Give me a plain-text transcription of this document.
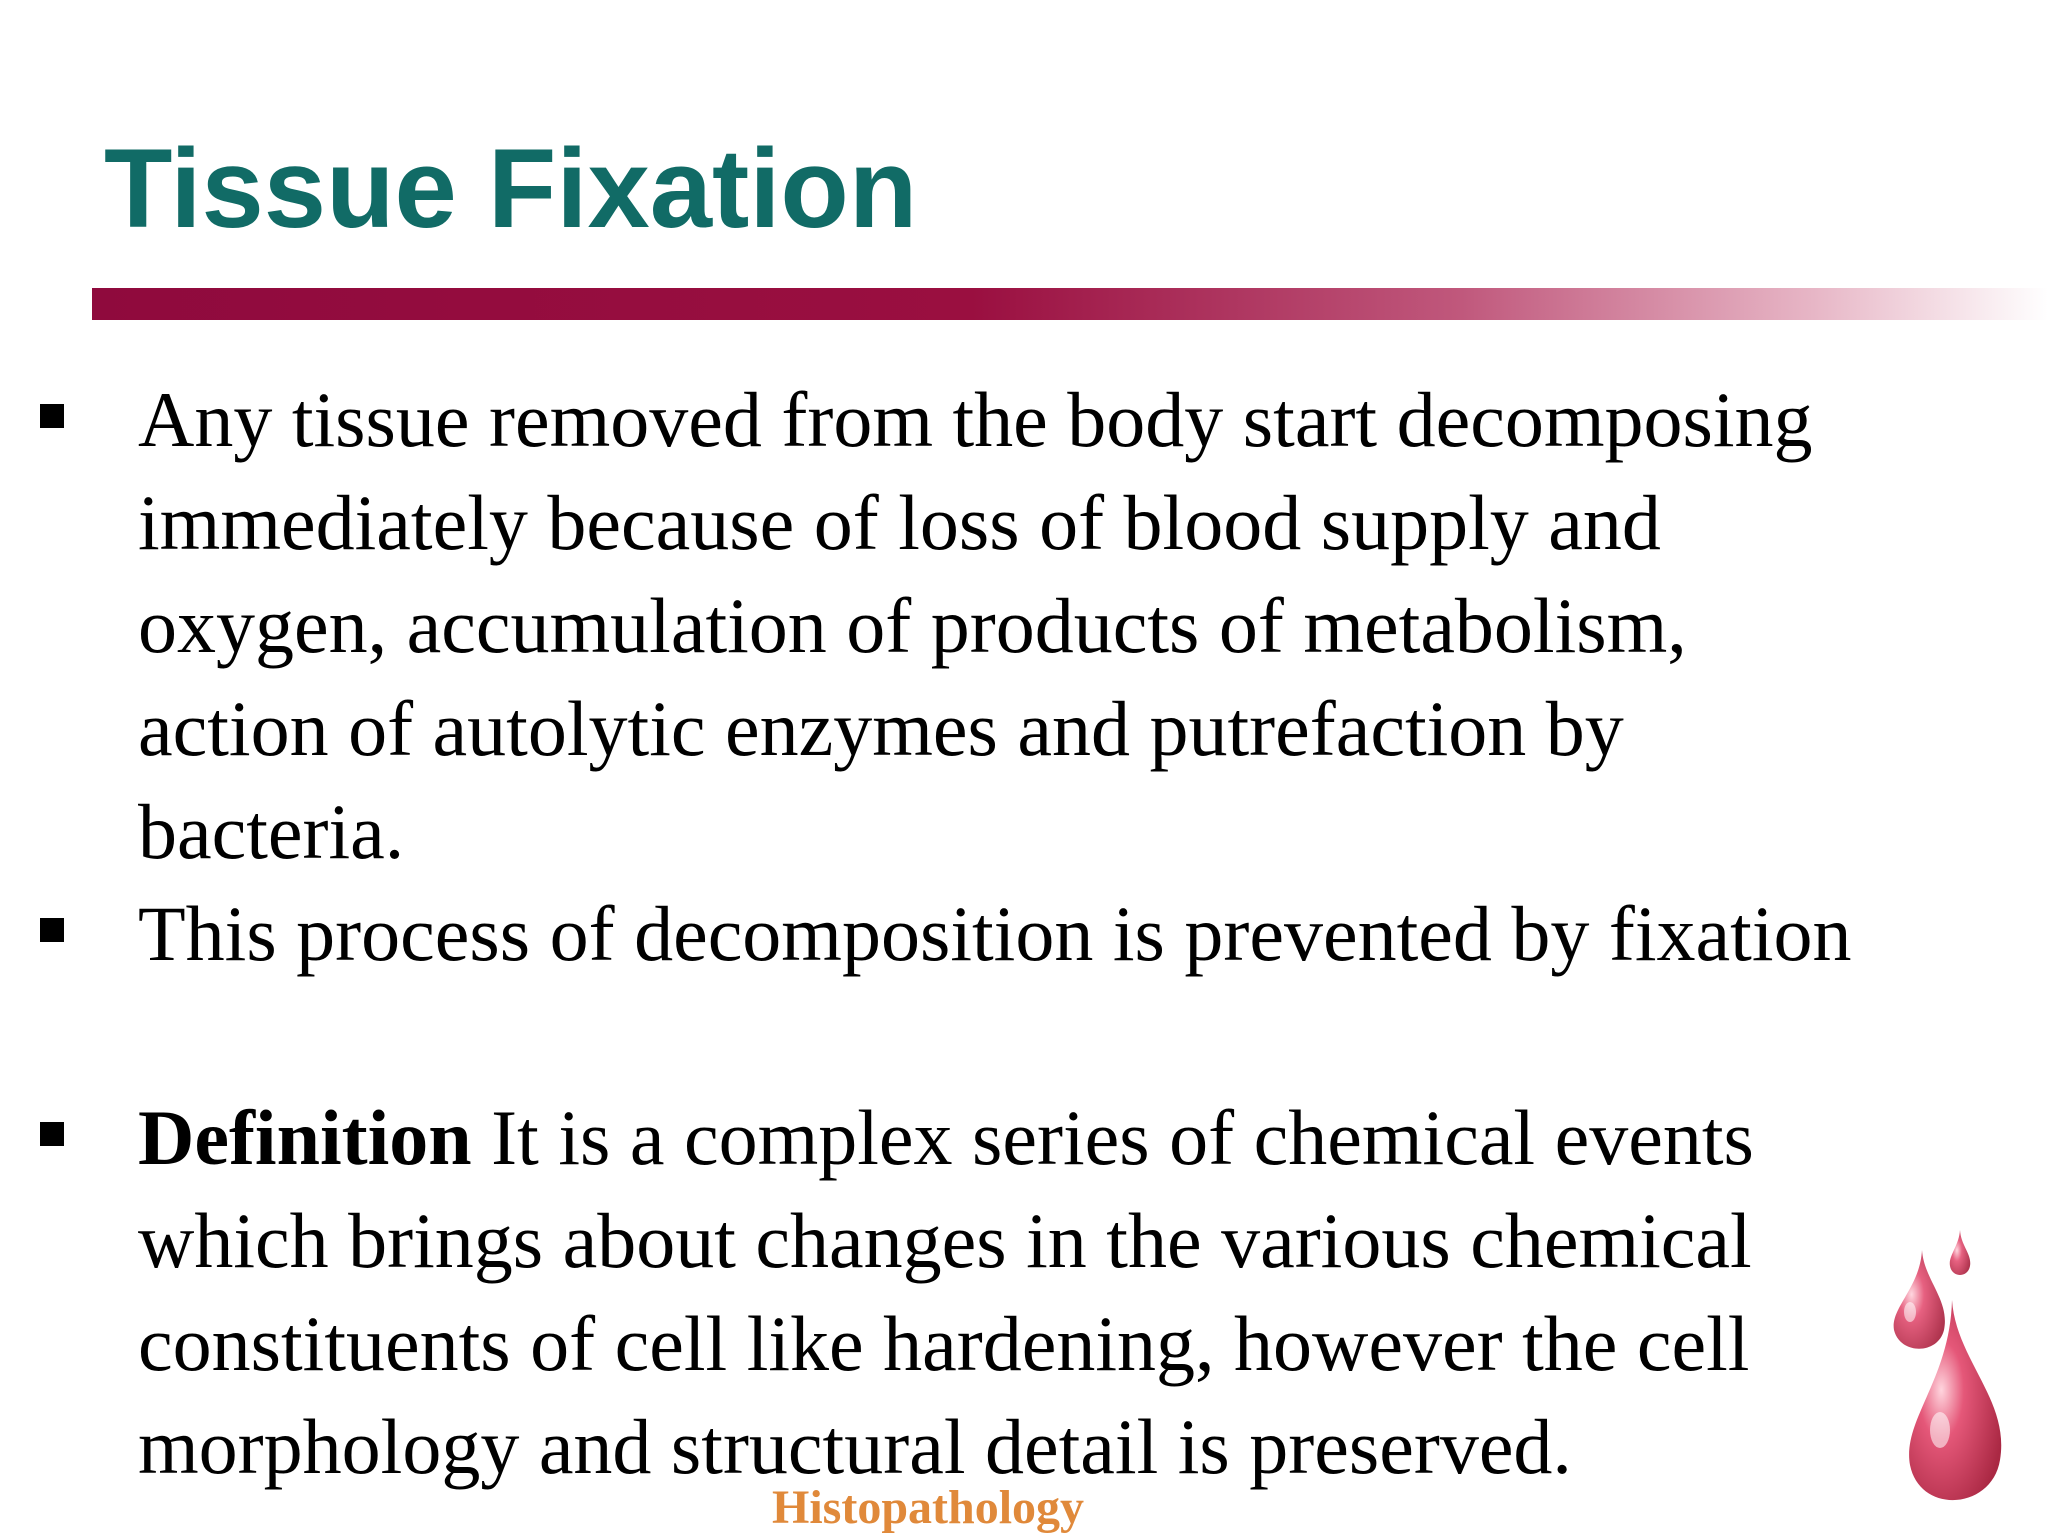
Tissue Fixation
Any tissue removed from the body start decomposing
immediately because of loss of blood supply and
oxygen, accumulation of products of metabolism,
action of autolytic enzymes and putrefaction by
bacteria.
This process of decomposition is prevented by fixation
Definition It is a complex series of chemical events
which brings about changes in the various chemical
constituents of cell like hardening, however the cell
morphology and structural detail is preserved.
Histopathology
